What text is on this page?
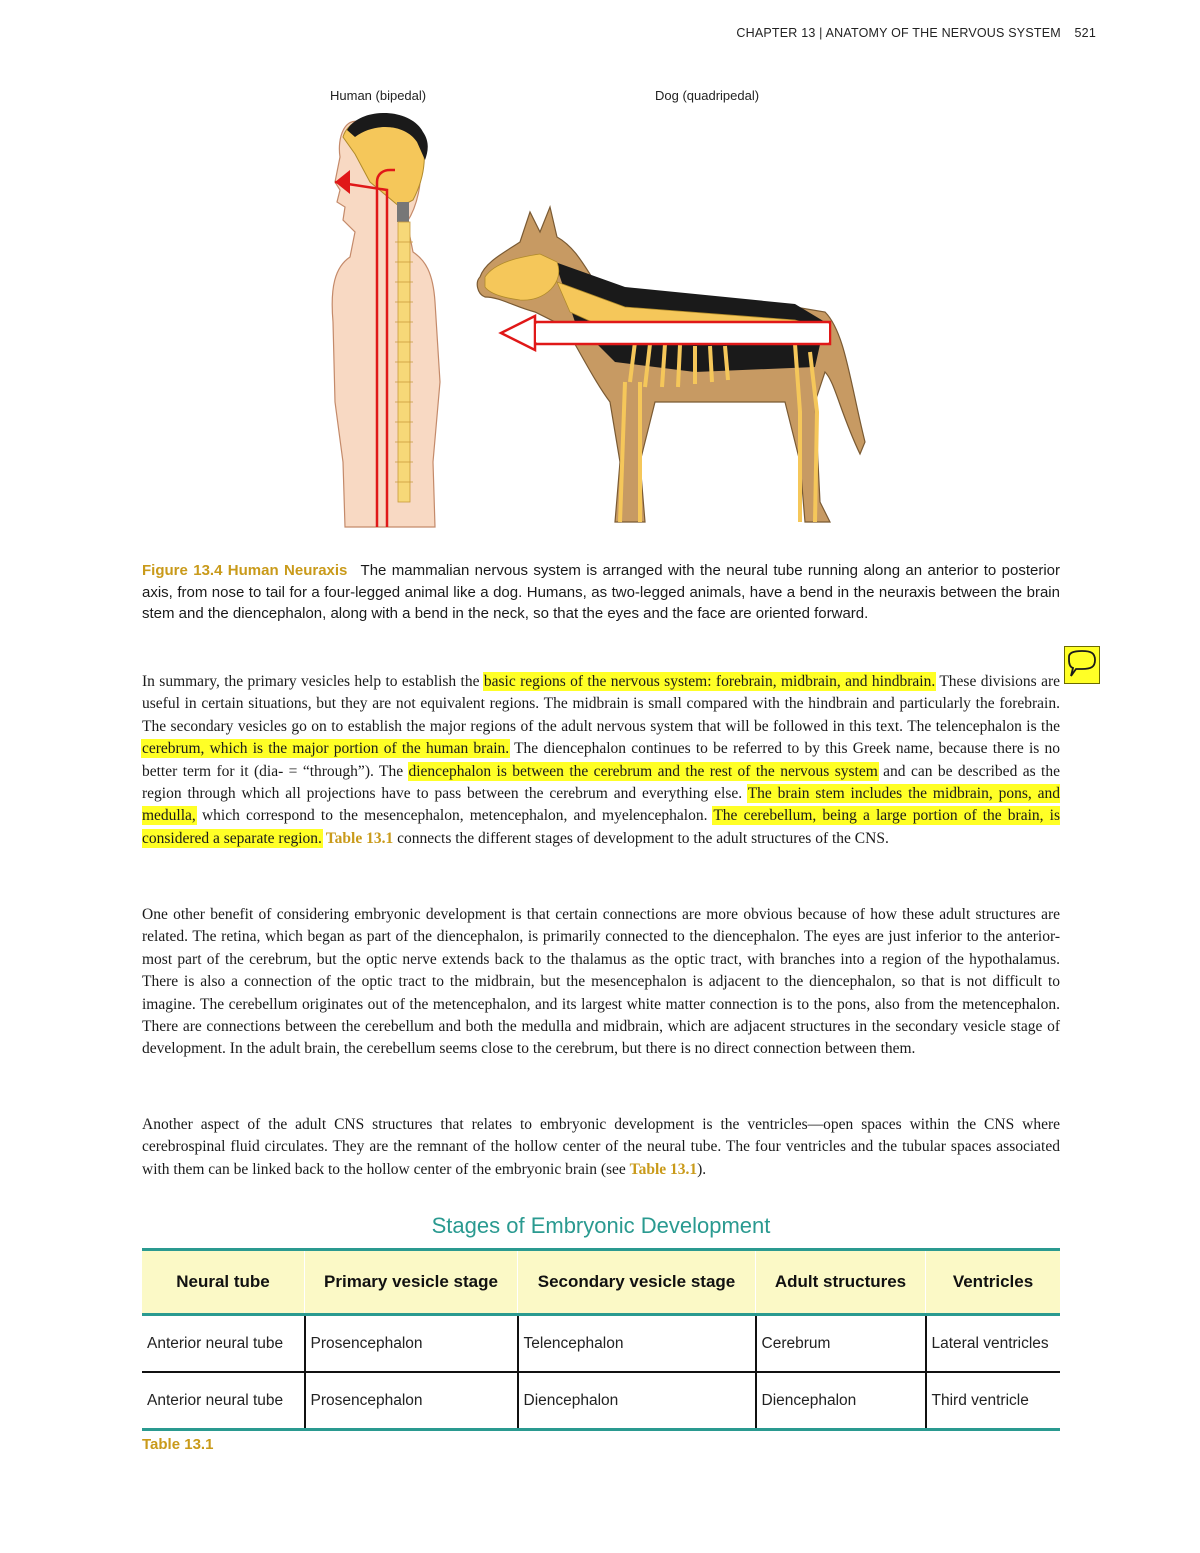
CHAPTER 13 | ANATOMY OF THE NERVOUS SYSTEM 521
Human (bipedal)	Dog (quadripedal)
Figure 13.4 Human Neuraxis The mammalian nervous system is arranged with the neural tube running along an anterior to posterior axis, from nose to tail for a four-legged animal like a dog. Humans, as two-legged animals, have a bend in the neuraxis between the brain stem and the diencephalon, along with a bend in the neck, so that the eyes and the face are oriented forward.
In summary, the primary vesicles help to establish the basic regions of the nervous system: forebrain, midbrain, and hindbrain. These divisions are useful in certain situations, but they are not equivalent regions. The midbrain is small compared with the hindbrain and particularly the forebrain. The secondary vesicles go on to establish the major regions of the adult nervous system that will be followed in this text. The telencephalon is the cerebrum, which is the major portion of the human brain. The diencephalon continues to be referred to by this Greek name, because there is no better term for it (dia- = “through”). The diencephalon is between the cerebrum and the rest of the nervous system and can be described as the region through which all projections have to pass between the cerebrum and everything else. The brain stem includes the midbrain, pons, and medulla, which correspond to the mesencephalon, metencephalon, and myelencephalon. The cerebellum, being a large portion of the brain, is considered a separate region. Table 13.1 connects the different stages of development to the adult structures of the CNS.
One other benefit of considering embryonic development is that certain connections are more obvious because of how these adult structures are related. The retina, which began as part of the diencephalon, is primarily connected to the diencephalon. The eyes are just inferior to the anterior-most part of the cerebrum, but the optic nerve extends back to the thalamus as the optic tract, with branches into a region of the hypothalamus. There is also a connection of the optic tract to the midbrain, but the mesencephalon is adjacent to the diencephalon, so that is not difficult to imagine. The cerebellum originates out of the metencephalon, and its largest white matter connection is to the pons, also from the metencephalon. There are connections between the cerebellum and both the medulla and midbrain, which are adjacent structures in the secondary vesicle stage of development. In the adult brain, the cerebellum seems close to the cerebrum, but there is no direct connection between them.
Another aspect of the adult CNS structures that relates to embryonic development is the ventricles—open spaces within the CNS where cerebrospinal fluid circulates. They are the remnant of the hollow center of the neural tube. The four ventricles and the tubular spaces associated with them can be linked back to the hollow center of the embryonic brain (see Table 13.1).
Stages of Embryonic Development
Neural tube	Primary vesicle stage	Secondary vesicle stage	Adult structures	Ventricles
Anterior neural tube	Prosencephalon	Telencephalon	Cerebrum	Lateral ventricles
Anterior neural tube	Prosencephalon	Diencephalon	Diencephalon	Third ventricle
Table 13.1
